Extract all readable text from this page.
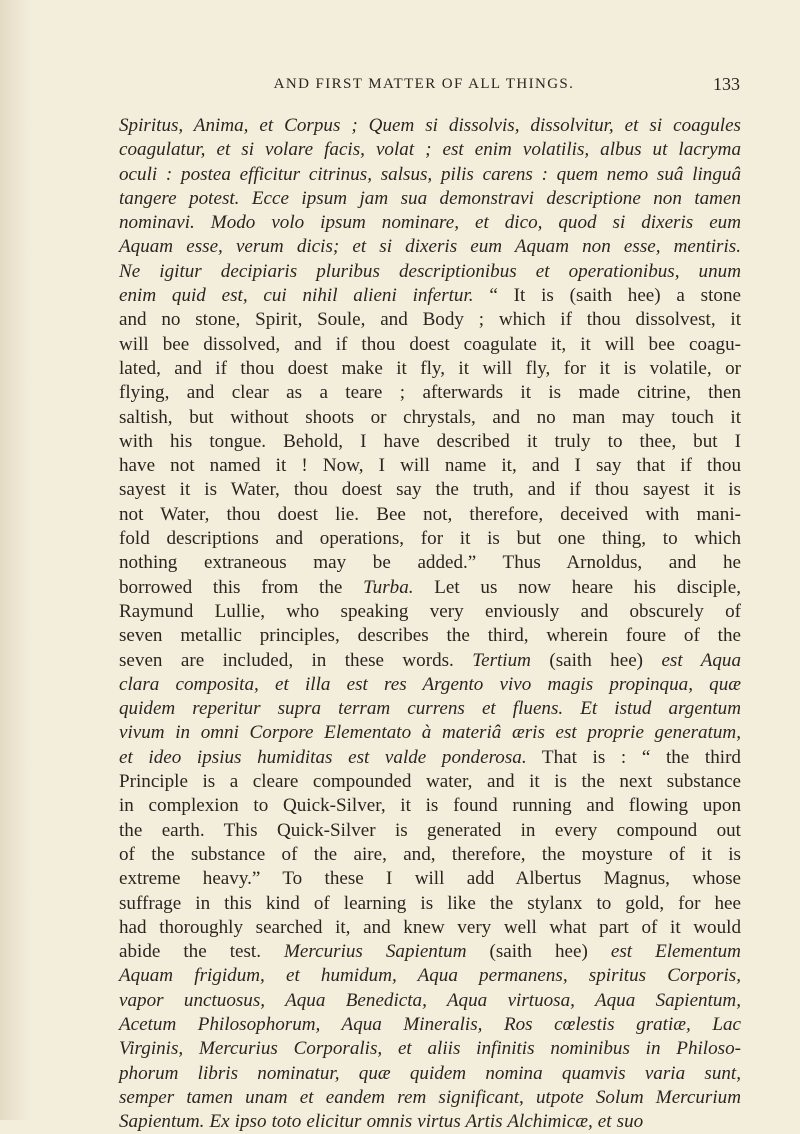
AND FIRST MATTER OF ALL THINGS.	133
Spiritus, Anima, et Corpus ; Quem si dissolvis, dissolvitur, et si coagules
coagulatur, et si volare facis, volat ; est enim volatilis, albus ut lacryma
oculi : postea efficitur citrinus, salsus, pilis carens : quem nemo suâ linguâ
tangere potest. Ecce ipsum jam sua demonstravi descriptione non tamen
nominavi. Modo volo ipsum nominare, et dico, quod si dixeris eum
Aquam esse, verum dicis; et si dixeris eum Aquam non esse, mentiris.
Ne igitur decipiaris pluribus descriptionibus et operationibus, unum
enim quid est, cui nihil alieni infertur. “ It is (saith hee) a stone
and no stone, Spirit, Soule, and Body ; which if thou dissolvest, it
will bee dissolved, and if thou doest coagulate it, it will bee coagu-
lated, and if thou doest make it fly, it will fly, for it is volatile, or
flying, and clear as a teare ; afterwards it is made citrine, then
saltish, but without shoots or chrystals, and no man may touch it
with his tongue. Behold, I have described it truly to thee, but I
have not named it ! Now, I will name it, and I say that if thou
sayest it is Water, thou doest say the truth, and if thou sayest it is
not Water, thou doest lie. Bee not, therefore, deceived with mani-
fold descriptions and operations, for it is but one thing, to which
nothing extraneous may be added.” Thus Arnoldus, and he
borrowed this from the Turba. Let us now heare his disciple,
Raymund Lullie, who speaking very enviously and obscurely of
seven metallic principles, describes the third, wherein foure of the
seven are included, in these words. Tertium (saith hee) est Aqua
clara composita, et illa est res Argento vivo magis propinqua, quæ
quidem reperitur supra terram currens et fluens. Et istud argentum
vivum in omni Corpore Elementato à materiâ æris est proprie generatum,
et ideo ipsius humiditas est valde ponderosa. That is : “ the third
Principle is a cleare compounded water, and it is the next substance
in complexion to Quick-Silver, it is found running and flowing upon
the earth. This Quick-Silver is generated in every compound out
of the substance of the aire, and, therefore, the moysture of it is
extreme heavy.” To these I will add Albertus Magnus, whose
suffrage in this kind of learning is like the stylanx to gold, for hee
had thoroughly searched it, and knew very well what part of it would
abide the test. Mercurius Sapientum (saith hee) est Elementum
Aquam frigidum, et humidum, Aqua permanens, spiritus Corporis,
vapor unctuosus, Aqua Benedicta, Aqua virtuosa, Aqua Sapientum,
Acetum Philosophorum, Aqua Mineralis, Ros cœlestis gratiæ, Lac
Virginis, Mercurius Corporalis, et aliis infinitis nominibus in Philoso-
phorum libris nominatur, quæ quidem nomina quamvis varia sunt,
semper tamen unam et eandem rem significant, utpote Solum Mercurium
Sapientum. Ex ipso toto elicitur omnis virtus Artis Alchimicæ, et suo
